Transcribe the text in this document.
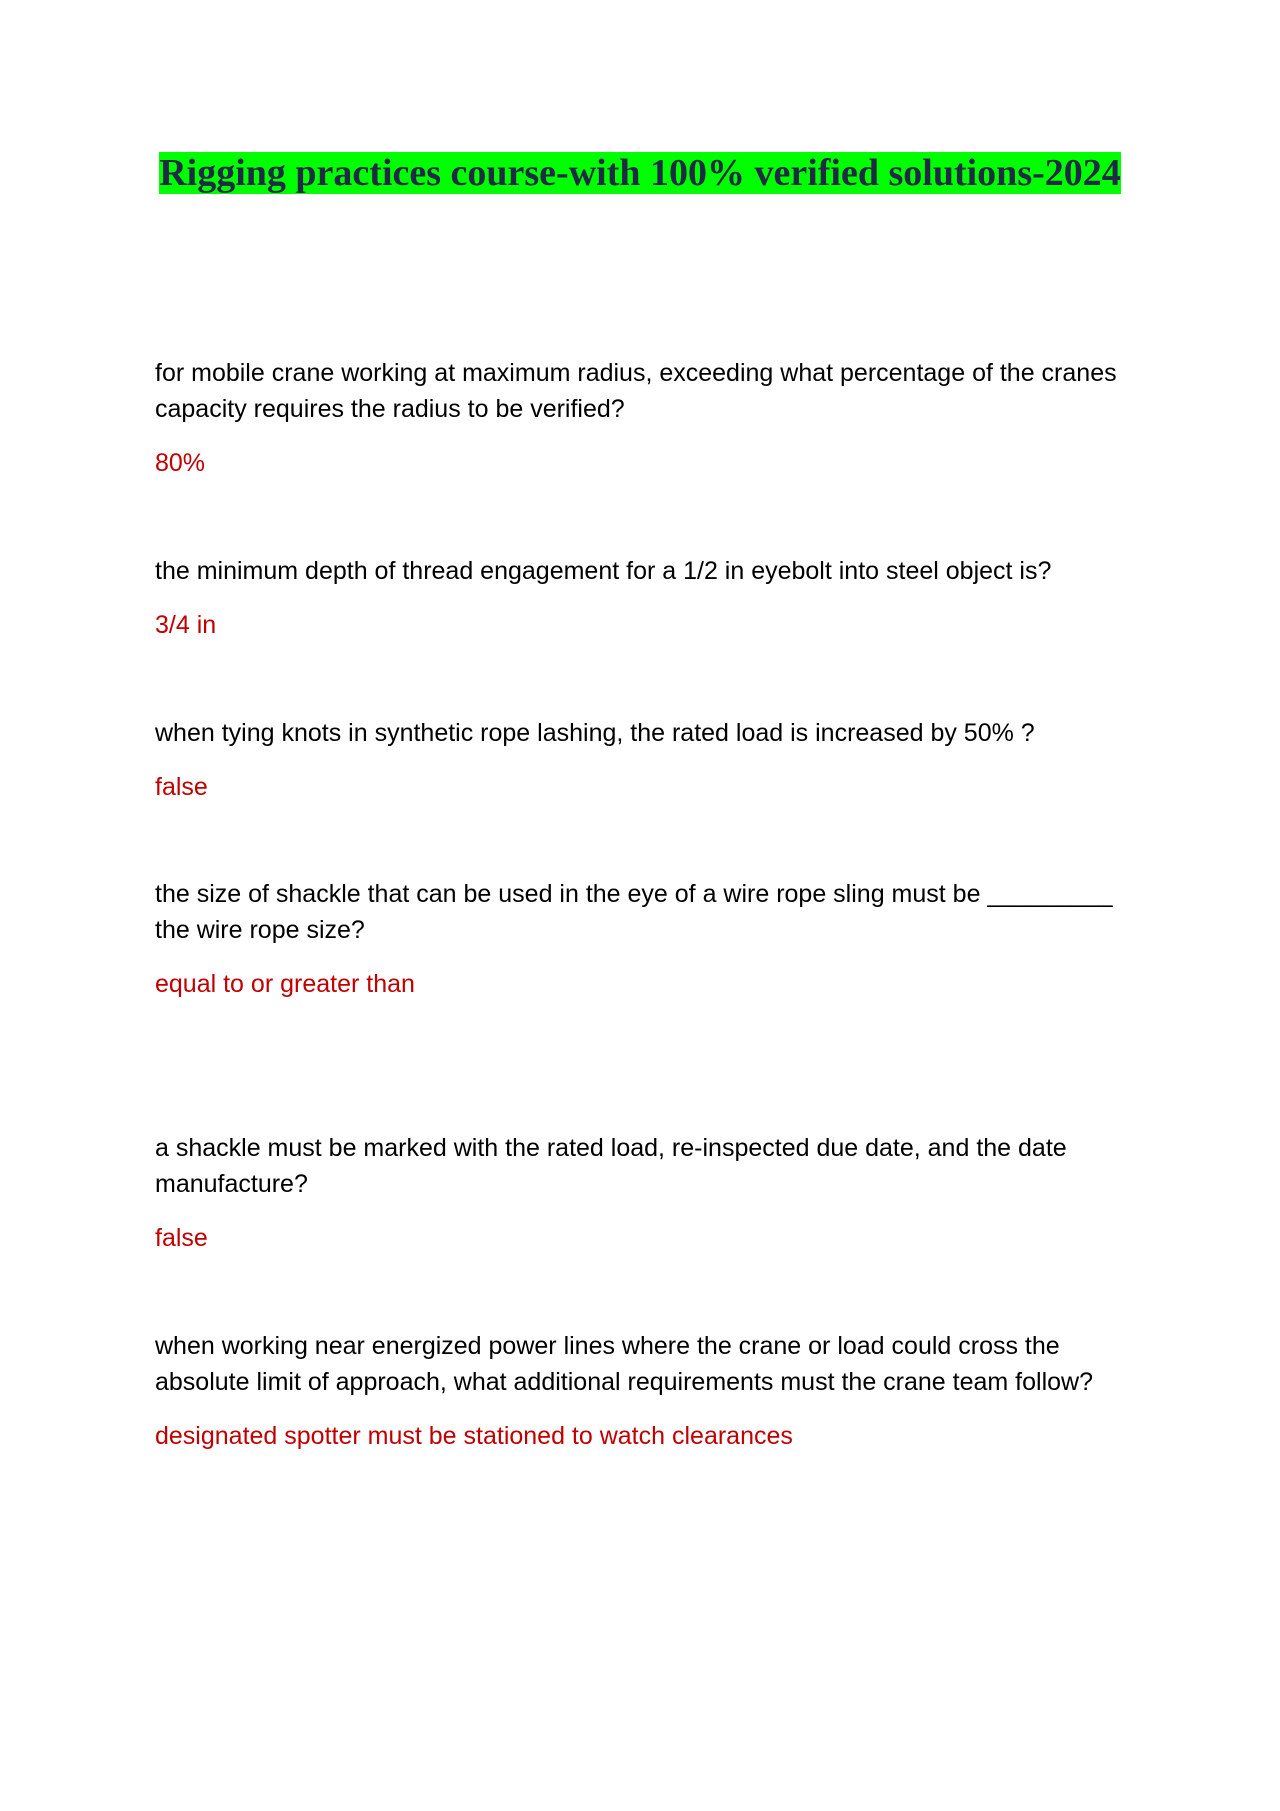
Rigging practices course-with 100% verified solutions-2024

for mobile crane working at maximum radius, exceeding what percentage of the cranes capacity requires the radius to be verified?

80%

the minimum depth of thread engagement for a 1/2 in eyebolt into steel object is?

3/4 in

when tying knots in synthetic rope lashing, the rated load is increased by 50% ?

false

the size of shackle that can be used in the eye of a wire rope sling must be _________ the wire rope size?

equal to or greater than

a shackle must be marked with the rated load, re-inspected due date, and the date manufacture?

false

when working near energized power lines where the crane or load could cross the absolute limit of approach, what additional requirements must the crane team follow?

designated spotter must be stationed to watch clearances
